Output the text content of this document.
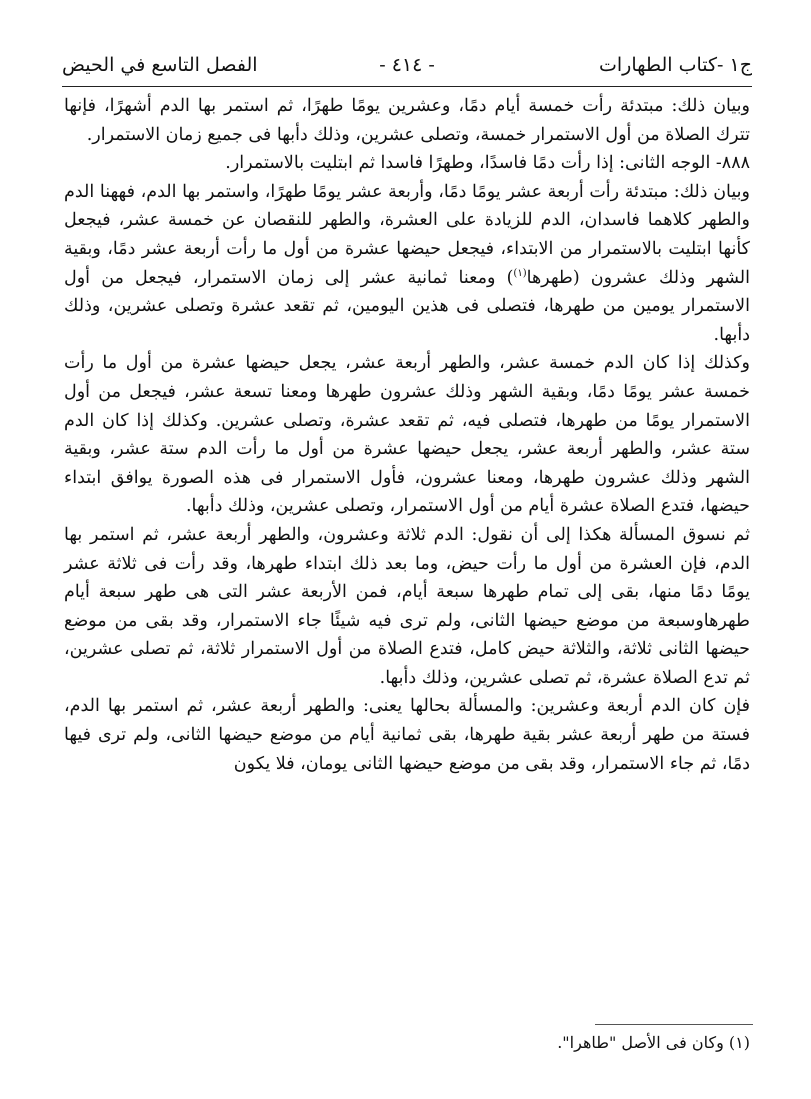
ج١ -كتاب الطهارات
- ٤١٤ -
الفصل التاسع في الحيض

وبيان ذلك: مبتدئة رأت خمسة أيام دمًا، وعشرين يومًا طهرًا، ثم استمر بها الدم أشهرًا، فإنها تترك الصلاة من أول الاستمرار خمسة، وتصلى عشرين، وذلك دأبها فى جميع زمان الاستمرار.

٨٨٨- الوجه الثانى: إذا رأت دمًا فاسدًا، وطهرًا فاسدا ثم ابتليت بالاستمرار.

وبيان ذلك: مبتدئة رأت أربعة عشر يومًا دمًا، وأربعة عشر يومًا طهرًا، واستمر بها الدم، فههنا الدم والطهر كلاهما فاسدان، الدم للزيادة على العشرة، والطهر للنقصان عن خمسة عشر، فيجعل كأنها ابتليت بالاستمرار من الابتداء، فيجعل حيضها عشرة من أول ما رأت أربعة عشر دمًا، وبقية الشهر وذلك عشرون (طهرها$^{(١)}$) ومعنا ثمانية عشر إلى زمان الاستمرار، فيجعل من أول الاستمرار يومين من طهرها، فتصلى فى هذين اليومين، ثم تقعد عشرة وتصلى عشرين، وذلك دأبها.

وكذلك إذا كان الدم خمسة عشر، والطهر أربعة عشر، يجعل حيضها عشرة من أول ما رأت خمسة عشر يومًا دمًا، وبقية الشهر وذلك عشرون طهرها ومعنا تسعة عشر، فيجعل من أول الاستمرار يومًا من طهرها، فتصلى فيه، ثم تقعد عشرة، وتصلى عشرين. وكذلك إذا كان الدم ستة عشر، والطهر أربعة عشر، يجعل حيضها عشرة من أول ما رأت الدم ستة عشر، وبقية الشهر وذلك عشرون طهرها، ومعنا عشرون، فأول الاستمرار فى هذه الصورة يوافق ابتداء حيضها، فتدع الصلاة عشرة أيام من أول الاستمرار، وتصلى عشرين، وذلك دأبها.

ثم نسوق المسألة هكذا إلى أن نقول: الدم ثلاثة وعشرون، والطهر أربعة عشر، ثم استمر بها الدم، فإن العشرة من أول ما رأت حيض، وما بعد ذلك ابتداء طهرها، وقد رأت فى ثلاثة عشر يومًا دمًا منها، بقى إلى تمام طهرها سبعة أيام، فمن الأربعة عشر التى هى طهر سبعة أيام طهرهاوسبعة من موضع حيضها الثانى، ولم ترى فيه شيئًا جاء الاستمرار، وقد بقى من موضع حيضها الثانى ثلاثة، والثلاثة حيض كامل، فتدع الصلاة من أول الاستمرار ثلاثة، ثم تصلى عشرين، ثم تدع الصلاة عشرة، ثم تصلى عشرين، وذلك دأبها.

فإن كان الدم أربعة وعشرين: والمسألة بحالها يعنى: والطهر أربعة عشر، ثم استمر بها الدم، فستة من طهر أربعة عشر بقية طهرها، بقى ثمانية أيام من موضع حيضها الثانى، ولم ترى فيها دمًا، ثم جاء الاستمرار، وقد بقى من موضع حيضها الثانى يومان، فلا يكون

(١) وكان فى الأصل "طاهرا".
